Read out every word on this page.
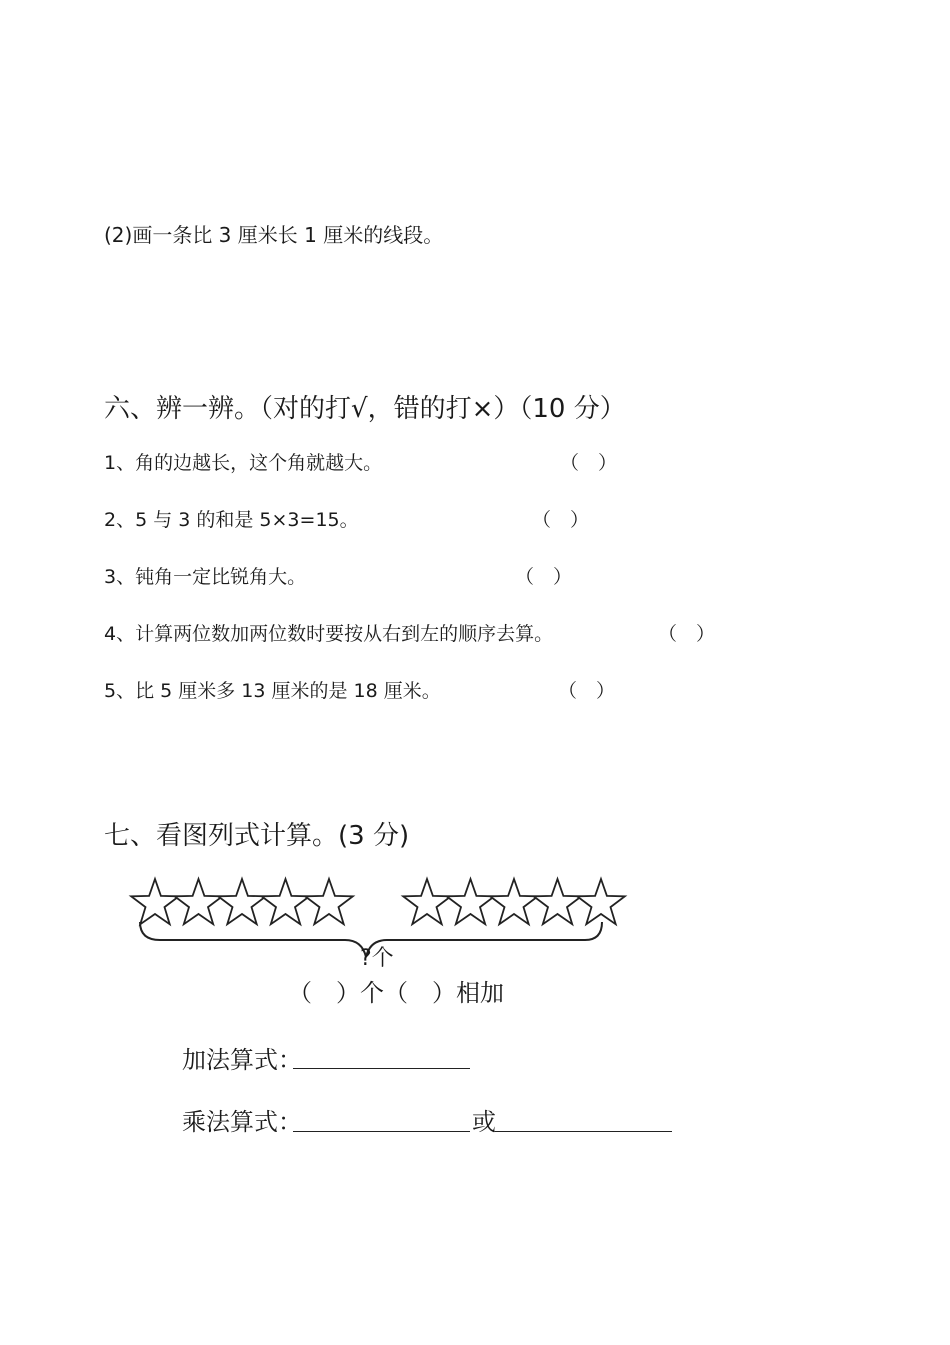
(2)画一条比 3 厘米长 1 厘米的线段。
六、辨一辨。（对的打√，错的打×）（10 分）
1、角的边越长，这个角就越大。	（　）
2、5 与 3 的和是 5×3=15。	（　）
3、钝角一定比锐角大。	（　）
4、计算两位数加两位数时要按从右到左的顺序去算。	（　）
5、比 5 厘米多 13 厘米的是 18 厘米。	（　）
七、看图列式计算。(3 分)
?个
（　）个（　）相加
加法算式：
乘法算式：	或
